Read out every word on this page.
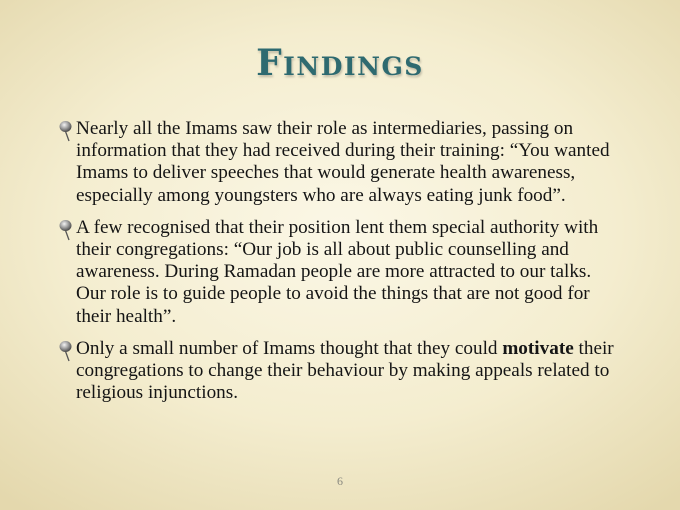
Findings
Nearly all the Imams saw their role as intermediaries, passing on information that they had received during their training: “You wanted Imams to deliver speeches that would generate health awareness, especially among youngsters who are always eating junk food”.
A few recognised that their position lent them special authority with their congregations: “Our job is all about public counselling and awareness. During Ramadan people are more attracted to our talks. Our role is to guide people to avoid the things that are not good for their health”.
Only a small number of Imams thought that they could motivate their congregations to change their behaviour by making appeals related to religious injunctions.
6
